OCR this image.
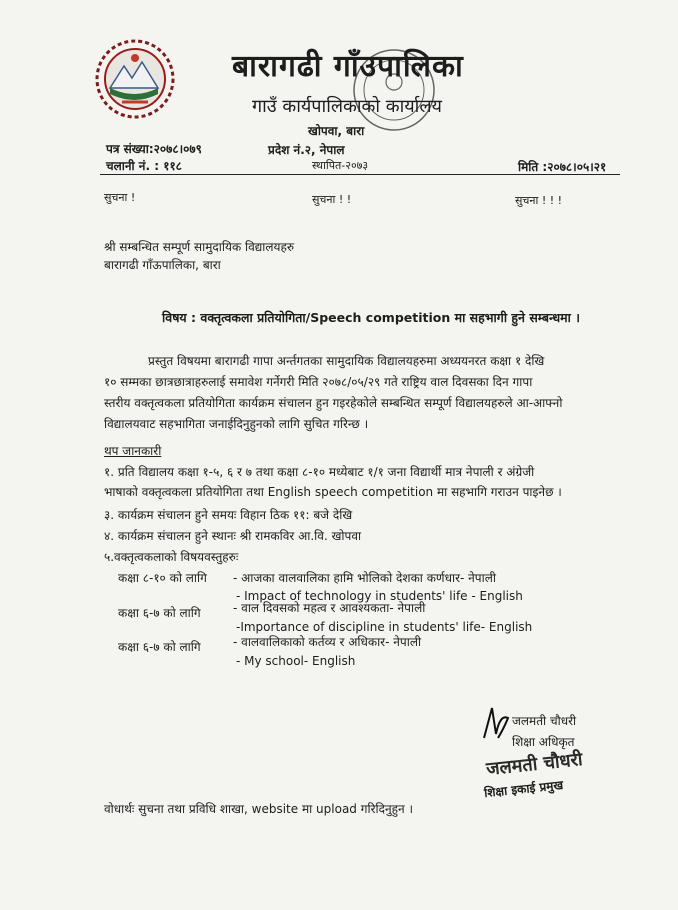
बारागढी गाँउपालिका
गाउँ कार्यपालिकाको कार्यालय
खोपवा, बारा
प्रदेश नं.२, नेपाल
स्थापित-२०७३
पत्र संख्या:२०७८।०७९
चलानी नं. : ११८	मिति :२०७८।०५।२१
सुचना !	सुचना ! !	सुचना ! ! !
श्री सम्बन्धित सम्पूर्ण सामुदायिक विद्यालयहरु
बारागढी गाँऊपालिका, बारा
विषय : वक्तृत्वकला प्रतियोगिता/Speech competition मा सहभागी हुने सम्बन्धमा ।
प्रस्तुत विषयमा बारागढी गापा अर्न्तगतका सामुदायिक विद्यालयहरुमा अध्ययनरत कक्षा १ देखि
१० सम्मका छात्रछात्राहरुलाई समावेश गर्नेगरी मिति २०७८/०५/२९ गते राष्ट्रिय वाल दिवसका दिन गापा
स्तरीय वक्तृत्वकला प्रतियोगिता कार्यक्रम संचालन हुन गइरहेकोले सम्बन्धित सम्पूर्ण विद्यालयहरुले आ-आफ्नो
विद्यालयवाट सहभागिता जनाईदिनुहुनको लागि सुचित गरिन्छ ।
थप जानकारी
१. प्रति विद्यालय कक्षा १-५, ६ र ७ तथा कक्षा ८-१० मध्येबाट १/१ जना विद्यार्थी मात्र नेपाली र अंग्रेजी
भाषाको वक्तृत्वकला प्रतियोगिता तथा English speech competition मा सहभागि गराउन पाइनेछ ।
३. कार्यक्रम संचालन हुने समयः विहान ठिक ११: बजे देखि
४. कार्यक्रम संचालन हुने स्थानः श्री रामकविर आ.वि. खोपवा
५.वक्तृत्वकलाको विषयवस्तुहरुः
कक्षा ८-१० को लागि - आजका वालवालिका हामि भोलिको देशका कर्णधार- नेपाली
- Impact of technology in students' life - English
कक्षा ६-७ को लागि	- वाल दिवसको महत्व र आवश्यकता- नेपाली
-Importance of discipline in students' life- English
कक्षा ६-७ को लागि	- वालवालिकाको कर्तव्य र अधिकार- नेपाली
- My school- English
जलमती चौधरी
शिक्षा अधिकृत
जलमती चौधरी
शिक्षा इकाई प्रमुख
वोधार्थः सुचना तथा प्रविधि शाखा, website मा upload गरिदिनुहुन ।
